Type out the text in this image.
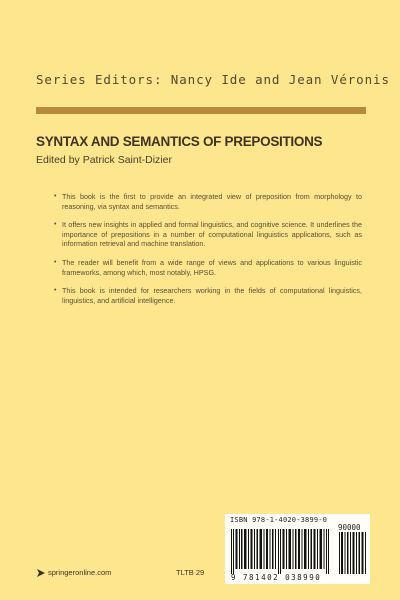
Series Editors: Nancy Ide and Jean Véronis
SYNTAX AND SEMANTICS OF PREPOSITIONS
Edited by Patrick Saint-Dizier
• This book is the first to provide an integrated view of preposition from morphology to reasoning, via syntax and semantics.
• It offers new insights in applied and formal linguistics, and cognitive science. It underlines the importance of prepositions in a number of computational linguistics applications, such as information retrieval and machine translation.
• The reader will benefit from a wide range of views and applications to various linguistic frameworks, among which, most notably, HPSG.
• This book is intended for researchers working in the fields of computational linguistics, linguistics, and artificial intelligence.
ISBN 978-1-4020-3899-0
90000
9 781402 038990
springeronline.com	TLTB 29
